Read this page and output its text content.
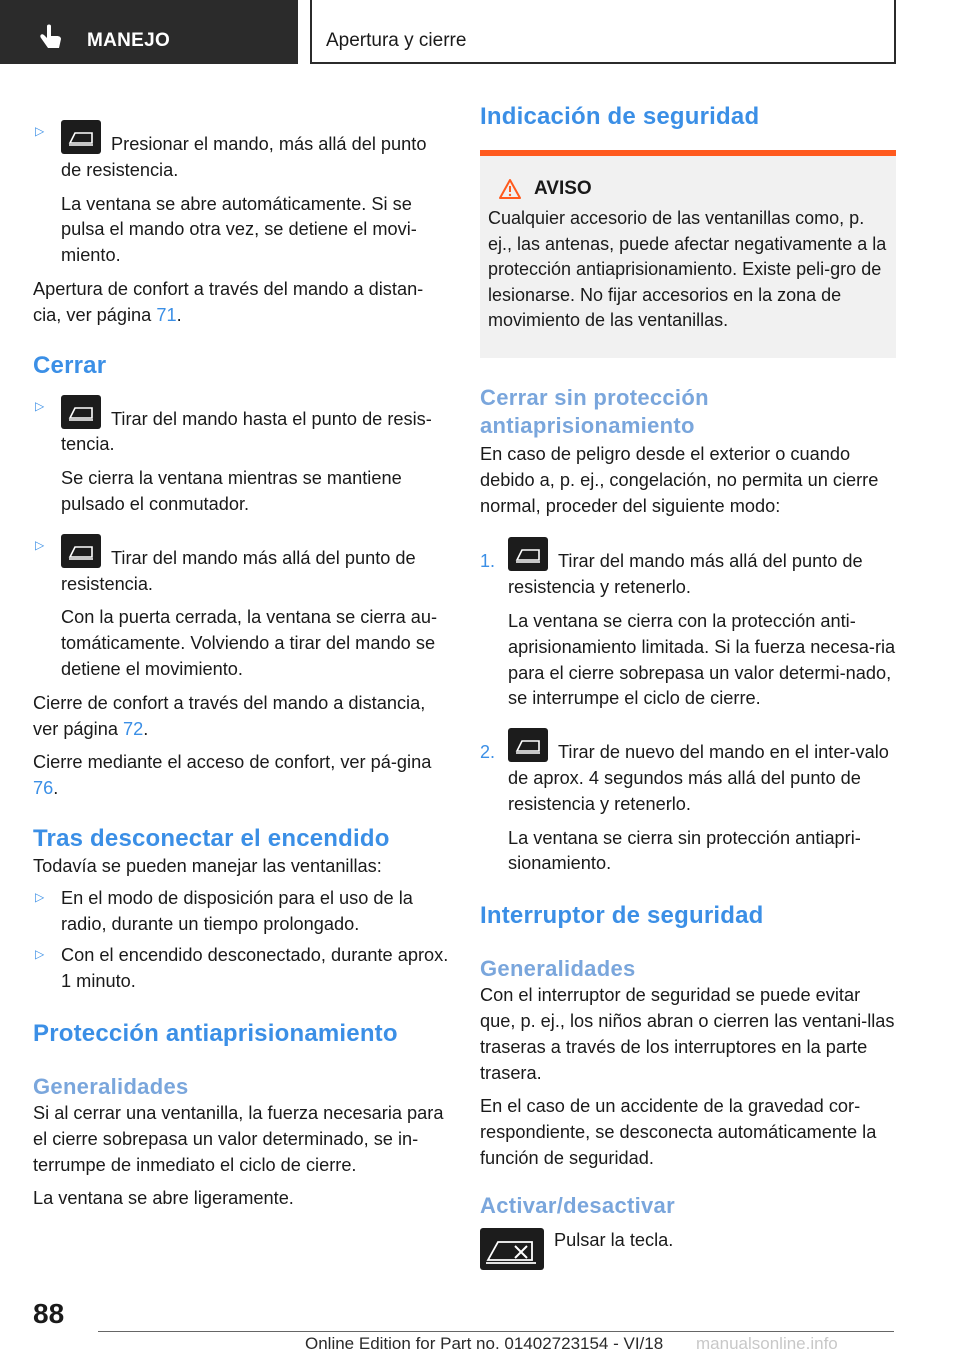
MANEJO	Apertura y cierre
▷

Presionar el mando, más allá del punto de resistencia.

La ventana se abre automáticamente. Si se pulsa el mando otra vez, se detiene el movi-miento.

Apertura de confort a través del mando a distan-cia, ver página 71.

Cerrar
▷

Tirar del mando hasta el punto de resis-tencia.

Se cierra la ventana mientras se mantiene pulsado el conmutador.

▷

Tirar del mando más allá del punto de resistencia.

Con la puerta cerrada, la ventana se cierra au-tomáticamente. Volviendo a tirar del mando se detiene el movimiento.

Cierre de confort a través del mando a distancia, ver página 72.

Cierre mediante el acceso de confort, ver pá-gina 76.

Tras desconectar el encendido

Todavía se pueden manejar las ventanillas:

▷ En el modo de disposición para el uso de la radio, durante un tiempo prolongado.

▷ Con el encendido desconectado, durante aprox. 1 minuto.

Protección antiaprisionamiento
Generalidades

Si al cerrar una ventanilla, la fuerza necesaria para el cierre sobrepasa un valor determinado, se in-terrumpe de inmediato el ciclo de cierre.

La ventana se abre ligeramente.

Indicación de seguridad
AVISO

Cualquier accesorio de las ventanillas como, p. ej., las antenas, puede afectar negativamente a la protección antiaprisionamiento. Existe peli-gro de lesionarse. No fijar accesorios en la zona de movimiento de las ventanillas.

Cerrar sin protección antiaprisionamiento

En caso de peligro desde el exterior o cuando debido a, p. ej., congelación, no permita un cierre normal, proceder del siguiente modo:

1.	Tirar del mando más allá del punto de resistencia y retenerlo.

La ventana se cierra con la protección anti-aprisionamiento limitada. Si la fuerza necesa-ria para el cierre sobrepasa un valor determi-nado, se interrumpe el ciclo de cierre.

2.	Tirar de nuevo del mando en el inter-valo de aprox. 4 segundos más allá del punto de resistencia y retenerlo.

La ventana se cierra sin protección antiapri-sionamiento.

Interruptor de seguridad
Generalidades

Con el interruptor de seguridad se puede evitar que, p. ej., los niños abran o cierren las ventani-llas traseras a través de los interruptores en la parte trasera.

En el caso de un accidente de la gravedad cor-respondiente, se desconecta automáticamente la función de seguridad.

Activar/desactivar

Pulsar la tecla.

88
Online Edition for Part no. 01402723154 - VI/18 manualsonline.info
